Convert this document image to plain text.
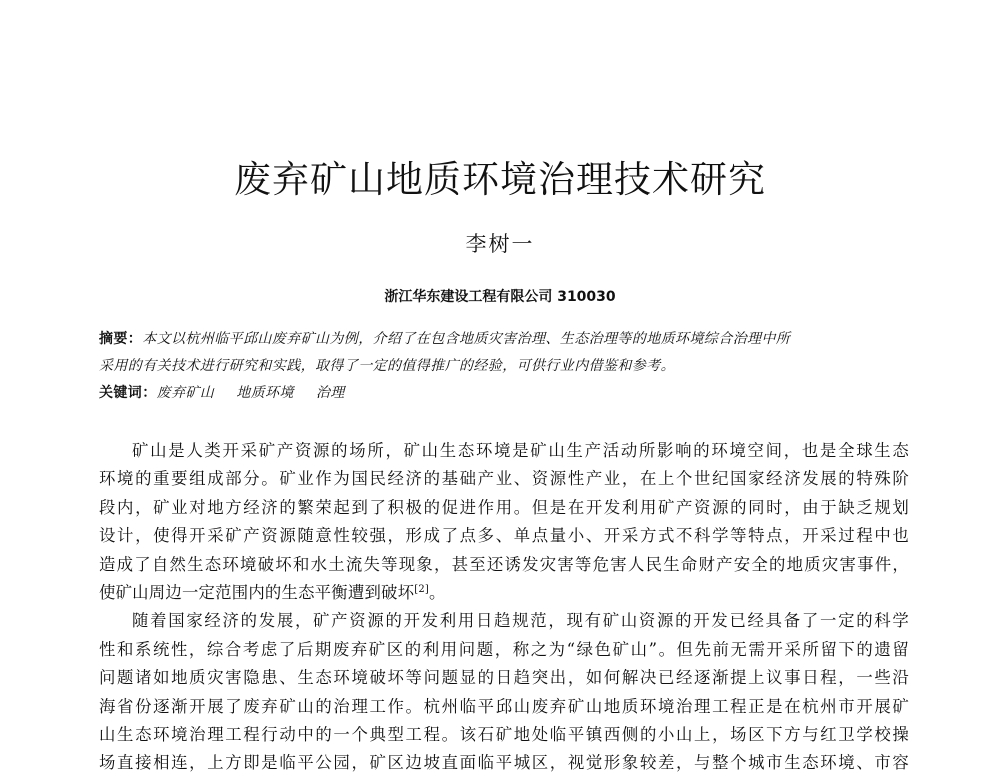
废弃矿山地质环境治理技术研究
李树一
浙江华东建设工程有限公司 310030
摘要：本文以杭州临平邱山废弃矿山为例，介绍了在包含地质灾害治理、生态治理等的地质环境综合治理中所
采用的有关技术进行研究和实践，取得了一定的值得推广的经验，可供行业内借鉴和参考。
关键词：废弃矿山 地质环境 治理
矿山是人类开采矿产资源的场所，矿山生态环境是矿山生产活动所影响的环境空间，也是全球生态
环境的重要组成部分。矿业作为国民经济的基础产业、资源性产业，在上个世纪国家经济发展的特殊阶
段内，矿业对地方经济的繁荣起到了积极的促进作用。但是在开发利用矿产资源的同时，由于缺乏规划
设计，使得开采矿产资源随意性较强，形成了点多、单点量小、开采方式不科学等特点，开采过程中也
造成了自然生态环境破坏和水土流失等现象，甚至还诱发灾害等危害人民生命财产安全的地质灾害事件，
使矿山周边一定范围内的生态平衡遭到破坏[2]。
随着国家经济的发展，矿产资源的开发利用日趋规范，现有矿山资源的开发已经具备了一定的科学
性和系统性，综合考虑了后期废弃矿区的利用问题，称之为“绿色矿山”。但先前无需开采所留下的遗留
问题诸如地质灾害隐患、生态环境破坏等问题显的日趋突出，如何解决已经逐渐提上议事日程，一些沿
海省份逐渐开展了废弃矿山的治理工作。杭州临平邱山废弃矿山地质环境治理工程正是在杭州市开展矿
山生态环境治理工程行动中的一个典型工程。该石矿地处临平镇西侧的小山上，场区下方与红卫学校操
场直接相连，上方即是临平公园，矿区边坡直面临平城区，视觉形象较差，与整个城市生态环境、市容
